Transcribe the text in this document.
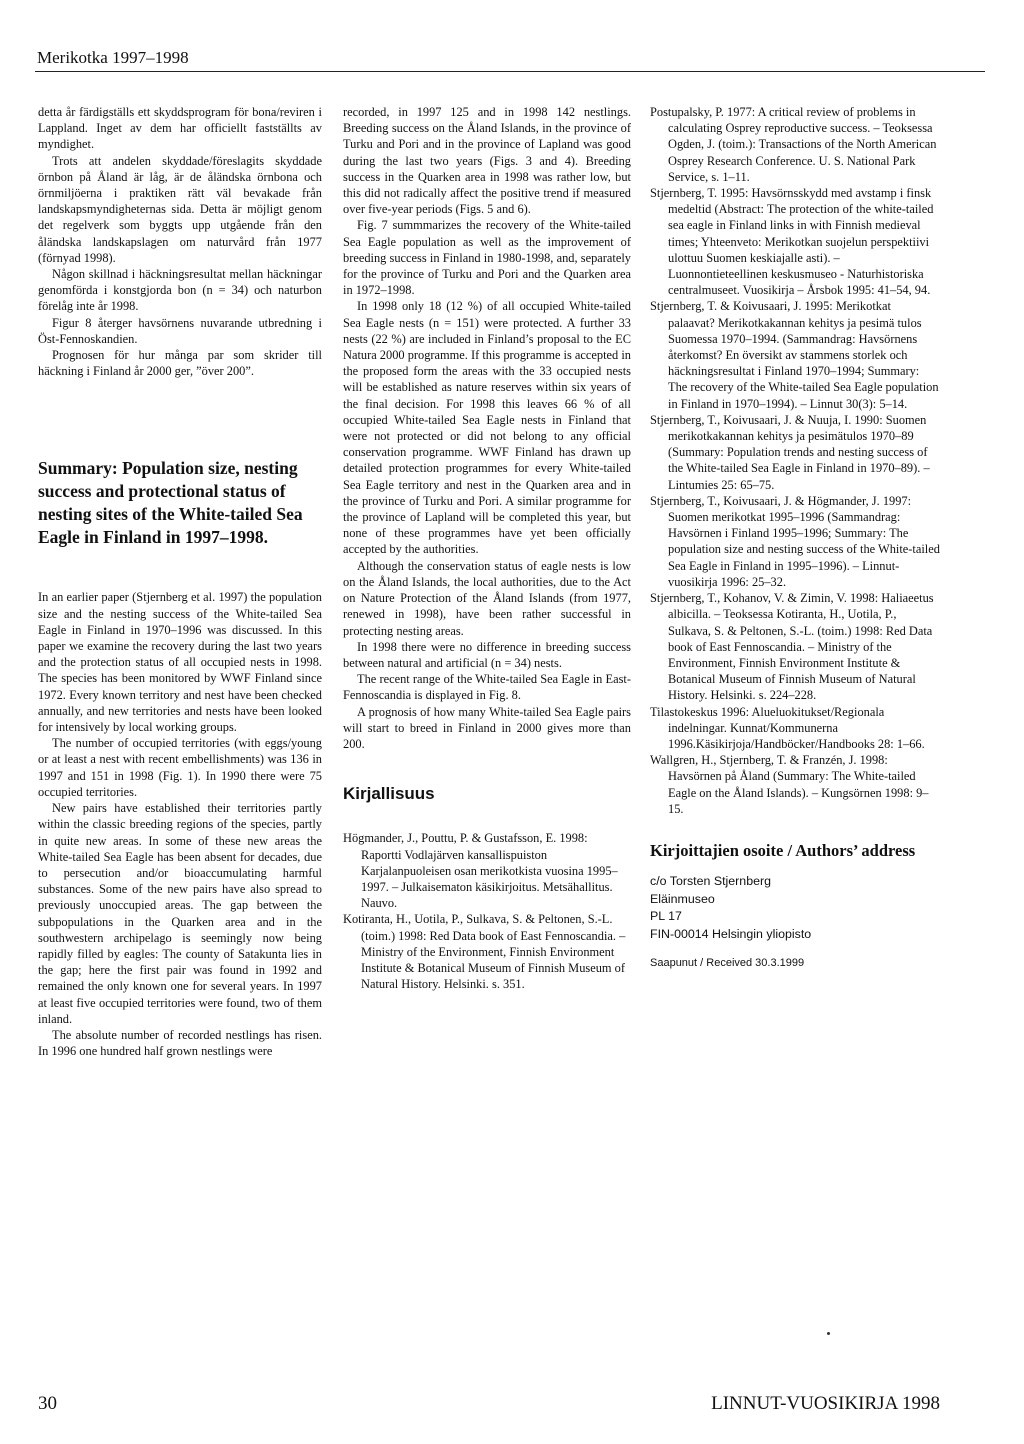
Merikotka 1997–1998

detta år färdigställs ett skyddsprogram för bona/reviren i Lappland. Inget av dem har officiellt fastställts av myndighet.

Trots att andelen skyddade/föreslagits skyddade örnbon på Åland är låg, är de åländska örnbona och örnmiljöerna i praktiken rätt väl bevakade från landskapsmyndigheternas sida. Detta är möjligt genom det regelverk som byggts upp utgående från den åländska landskapslagen om naturvård från 1977 (förnyad 1998).

Någon skillnad i häckningsresultat mellan häckningar genomförda i konstgjorda bon (n = 34) och naturbon förelåg inte år 1998.

Figur 8 återger havsörnens nuvarande utbredning i Öst-Fennoskandien.

Prognosen för hur många par som skrider till häckning i Finland år 2000 ger, ”över 200”.

Summary: Population size, nesting success and protectional status of nesting sites of the White-tailed Sea Eagle in Finland in 1997–1998.

In an earlier paper (Stjernberg et al. 1997) the population size and the nesting success of the White-tailed Sea Eagle in Finland in 1970–1996 was discussed. In this paper we examine the recovery during the last two years and the protection status of all occupied nests in 1998. The species has been monitored by WWF Finland since 1972. Every known territory and nest have been checked annually, and new territories and nests have been looked for intensively by local working groups.

The number of occupied territories (with eggs/young or at least a nest with recent embellishments) was 136 in 1997 and 151 in 1998 (Fig. 1). In 1990 there were 75 occupied territories.

New pairs have established their territories partly within the classic breeding regions of the species, partly in quite new areas. In some of these new areas the White-tailed Sea Eagle has been absent for decades, due to persecution and/or bioaccumulating harmful substances. Some of the new pairs have also spread to previously unoccupied areas. The gap between the subpopulations in the Quarken area and in the southwestern archipelago is seemingly now being rapidly filled by eagles: The county of Satakunta lies in the gap; here the first pair was found in 1992 and remained the only known one for several years. In 1997 at least five occupied territories were found, two of them inland.

The absolute number of recorded nestlings has risen. In 1996 one hundred half grown nestlings were

recorded, in 1997 125 and in 1998 142 nestlings. Breeding success on the Åland Islands, in the province of Turku and Pori and in the province of Lapland was good during the last two years (Figs. 3 and 4). Breeding success in the Quarken area in 1998 was rather low, but this did not radically affect the positive trend if measured over five-year periods (Figs. 5 and 6).

Fig. 7 summmarizes the recovery of the White-tailed Sea Eagle population as well as the improvement of breeding success in Finland in 1980-1998, and, separately for the province of Turku and Pori and the Quarken area in 1972–1998.

In 1998 only 18 (12 %) of all occupied White-tailed Sea Eagle nests (n = 151) were protected. A further 33 nests (22 %) are included in Finland’s proposal to the EC Natura 2000 programme. If this programme is accepted in the proposed form the areas with the 33 occupied nests will be established as nature reserves within six years of the final decision. For 1998 this leaves 66 % of all occupied White-tailed Sea Eagle nests in Finland that were not protected or did not belong to any official conservation programme. WWF Finland has drawn up detailed protection programmes for every White-tailed Sea Eagle territory and nest in the Quarken area and in the province of Turku and Pori. A similar programme for the province of Lapland will be completed this year, but none of these programmes have yet been officially accepted by the authorities.

Although the conservation status of eagle nests is low on the Åland Islands, the local authorities, due to the Act on Nature Protection of the Åland Islands (from 1977, renewed in 1998), have been rather successful in protecting nesting areas.

In 1998 there were no difference in breeding success between natural and artificial (n = 34) nests.

The recent range of the White-tailed Sea Eagle in East-Fennoscandia is displayed in Fig. 8.

A prognosis of how many White-tailed Sea Eagle pairs will start to breed in Finland in 2000 gives more than 200.

Kirjallisuus

Högmander, J., Pouttu, P. & Gustafsson, E. 1998: Raportti Vodlajärven kansallispuiston Karjalanpuoleisen osan merikotkista vuosina 1995–1997. – Julkaisematon käsikirjoitus. Metsähallitus. Nauvo.

Kotiranta, H., Uotila, P., Sulkava, S. & Peltonen, S.-L. (toim.) 1998: Red Data book of East Fennoscandia. – Ministry of the Environment, Finnish Environment Institute & Botanical Museum of Finnish Museum of Natural History. Helsinki. s. 351.

Postupalsky, P. 1977: A critical review of problems in calculating Osprey reproductive success. – Teoksessa Ogden, J. (toim.): Transactions of the North American Osprey Research Conference. U. S. National Park Service, s. 1–11.

Stjernberg, T. 1995: Havsörnsskydd med avstamp i finsk medeltid (Abstract: The protection of the white-tailed sea eagle in Finland links in with Finnish medieval times; Yhteenveto: Merikotkan suojelun perspektiivi ulottuu Suomen keskiajalle asti). – Luonnontieteellinen keskusmuseo - Naturhistoriska centralmuseet. Vuosikirja – Årsbok 1995: 41–54, 94.

Stjernberg, T. & Koivusaari, J. 1995: Merikotkat palaavat? Merikotkakannan kehitys ja pesimä tulos Suomessa 1970–1994. (Sammandrag: Havsörnens återkomst? En översikt av stammens storlek och häckningsresultat i Finland 1970–1994; Summary: The recovery of the White-tailed Sea Eagle population in Finland in 1970–1994). – Linnut 30(3): 5–14.

Stjernberg, T., Koivusaari, J. & Nuuja, I. 1990: Suomen merikotkakannan kehitys ja pesimätulos 1970–89 (Summary: Population trends and nesting success of the White-tailed Sea Eagle in Finland in 1970–89). – Lintumies 25: 65–75.

Stjernberg, T., Koivusaari, J. & Högmander, J. 1997: Suomen merikotkat 1995–1996 (Sammandrag: Havsörnen i Finland 1995–1996; Summary: The population size and nesting success of the White-tailed Sea Eagle in Finland in 1995–1996). – Linnut-vuosikirja 1996: 25–32.

Stjernberg, T., Kohanov, V. & Zimin, V. 1998: Haliaeetus albicilla. – Teoksessa Kotiranta, H., Uotila, P., Sulkava, S. & Peltonen, S.-L. (toim.) 1998: Red Data book of East Fennoscandia. – Ministry of the Environment, Finnish Environment Institute & Botanical Museum of Finnish Museum of Natural History. Helsinki. s. 224–228.

Tilastokeskus 1996: Alueluokitukset/Regionala indelningar. Kunnat/Kommunerna 1996.Käsikirjoja/Handböcker/Handbooks 28: 1–66.

Wallgren, H., Stjernberg, T. & Franzén, J. 1998: Havsörnen på Åland (Summary: The White-tailed Eagle on the Åland Islands). – Kungsörnen 1998: 9–15.

Kirjoittajien osoite / Authors’ address

c/o Torsten Stjernberg

Eläinmuseo

PL 17

FIN-00014 Helsingin yliopisto

Saapunut / Received 30.3.1999

30	LINNUT-VUOSIKIRJA 1998
